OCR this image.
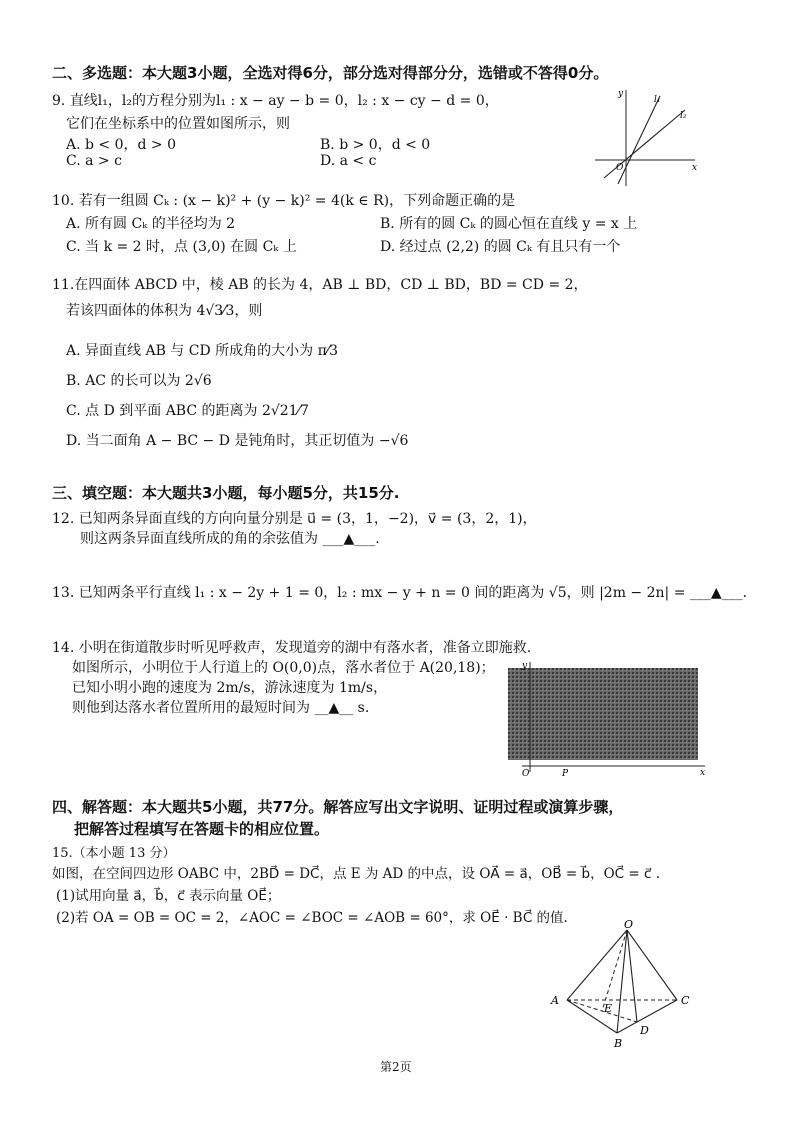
二、多选题：本大题3小题，全选对得6分，部分选对得部分分，选错或不答得0分。
9. 直线l₁，l₂的方程分别为l₁ : x − ay − b = 0，l₂ : x − cy − d = 0，
它们在坐标系中的位置如图所示，则
A. b < 0，d > 0	B. b > 0，d < 0
C. a > c	D. a < c
y
x
O
l₁
l₂
10. 若有一组圆 Cₖ : (x − k)² + (y − k)² = 4(k ∈ R)，下列命题正确的是
A. 所有圆 Cₖ 的半径均为 2	B. 所有的圆 Cₖ 的圆心恒在直线 y = x 上
C. 当 k = 2 时，点 (3,0) 在圆 Cₖ 上	D. 经过点 (2,2) 的圆 Cₖ 有且只有一个
11.在四面体 ABCD 中，棱 AB 的长为 4，AB ⊥ BD，CD ⊥ BD，BD = CD = 2，
若该四面体的体积为 4√3⁄3，则
A. 异面直线 AB 与 CD 所成角的大小为 π⁄3
B. AC 的长可以为 2√6
C. 点 D 到平面 ABC 的距离为 2√21⁄7
D. 当二面角 A − BC − D 是钝角时，其正切值为 −√6
三、填空题：本大题共3小题，每小题5分，共15分.
12. 已知两条异面直线的方向向量分别是 u⃗ = (3，1，−2)，v⃗ = (3，2，1)，
则这两条异面直线所成的角的余弦值为 ___▲___.
13. 已知两条平行直线 l₁ : x − 2y + 1 = 0，l₂ : mx − y + n = 0 间的距离为 √5，则 |2m − 2n| = ___▲___.
14. 小明在街道散步时听见呼救声，发现道旁的湖中有落水者，准备立即施救.
如图所示，小明位于人行道上的 O(0,0)点，落水者位于 A(20,18)；
已知小明小跑的速度为 2m/s，游泳速度为 1m/s，
则他到达落水者位置所用的最短时间为 __▲__ s.
y
x
O	P
四、解答题：本大题共5小题，共77分。解答应写出文字说明、证明过程或演算步骤，
把解答过程填写在答题卡的相应位置。
15.（本小题 13 分）
如图，在空间四边形 OABC 中，2BD⃗ = DC⃗，点 E 为 AD 的中点，设 OA⃗ = a⃗，OB⃗ = b⃗，OC⃗ = c⃗ .
(1)试用向量 a⃗，b⃗，c⃗ 表示向量 OE⃗；
(2)若 OA = OB = OC = 2，∠AOC = ∠BOC = ∠AOB = 60°，求 OE⃗ · BC⃗ 的值.	O
A
B
C
D
E
第2页
